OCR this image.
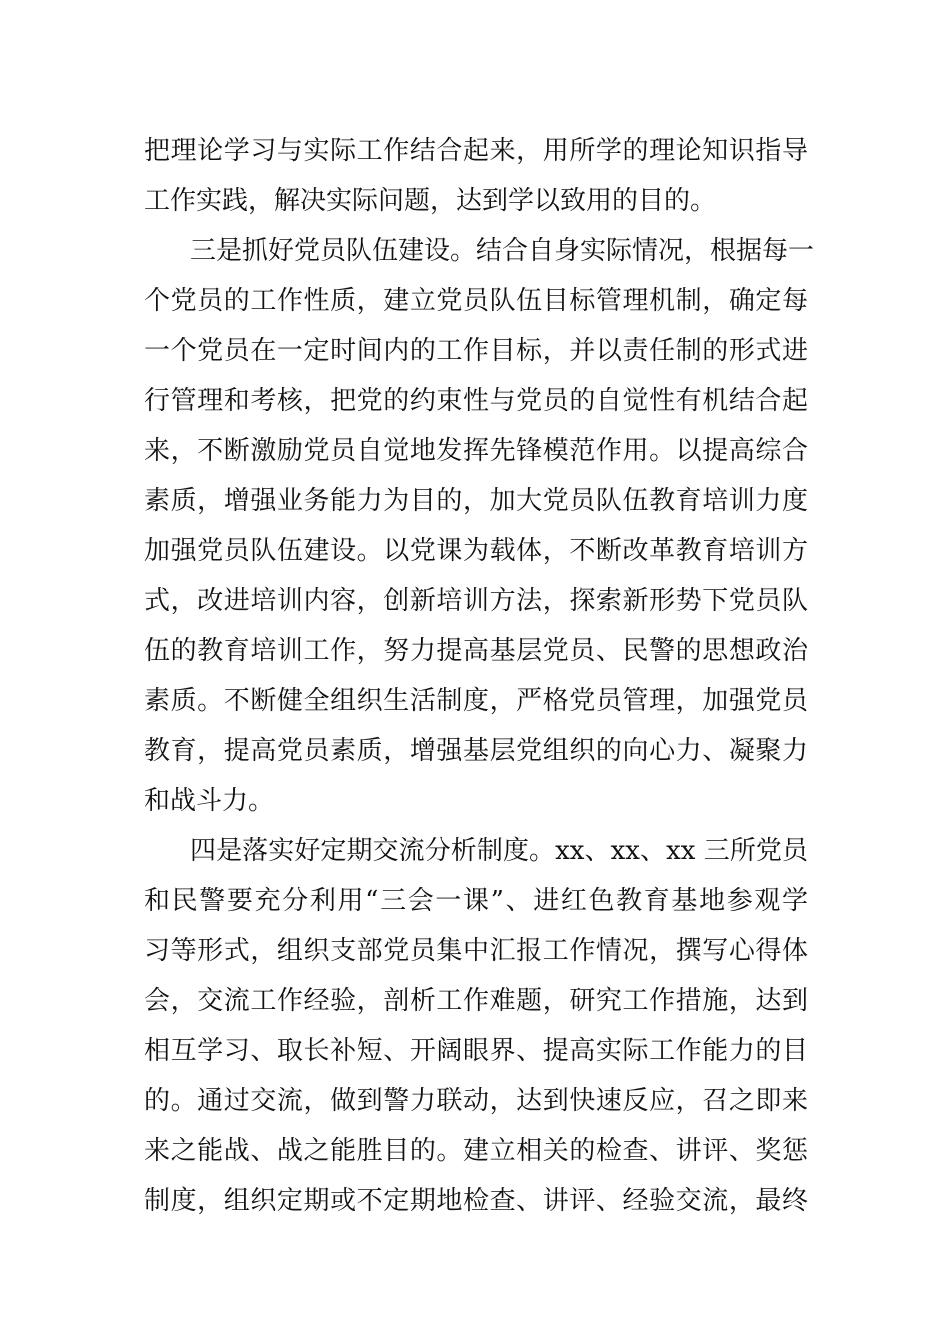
把理论学习与实际工作结合起来，用所学的理论知识指导
工作实践，解决实际问题，达到学以致用的目的。
三是抓好党员队伍建设。结合自身实际情况，根据每一
个党员的工作性质，建立党员队伍目标管理机制，确定每
一个党员在一定时间内的工作目标，并以责任制的形式进
行管理和考核，把党的约束性与党员的自觉性有机结合起
来，不断激励党员自觉地发挥先锋模范作用。以提高综合
素质，增强业务能力为目的，加大党员队伍教育培训力度
加强党员队伍建设。以党课为载体，不断改革教育培训方
式，改进培训内容，创新培训方法，探索新形势下党员队
伍的教育培训工作，努力提高基层党员、民警的思想政治
素质。不断健全组织生活制度，严格党员管理，加强党员
教育，提高党员素质，增强基层党组织的向心力、凝聚力
和战斗力。
四是落实好定期交流分析制度。xx、xx、xx 三所党员
和民警要充分利用“三会一课”、进红色教育基地参观学
习等形式，组织支部党员集中汇报工作情况，撰写心得体
会，交流工作经验，剖析工作难题，研究工作措施，达到
相互学习、取长补短、开阔眼界、提高实际工作能力的目
的。通过交流，做到警力联动，达到快速反应，召之即来
来之能战、战之能胜目的。建立相关的检查、讲评、奖惩
制度，组织定期或不定期地检查、讲评、经验交流，最终
